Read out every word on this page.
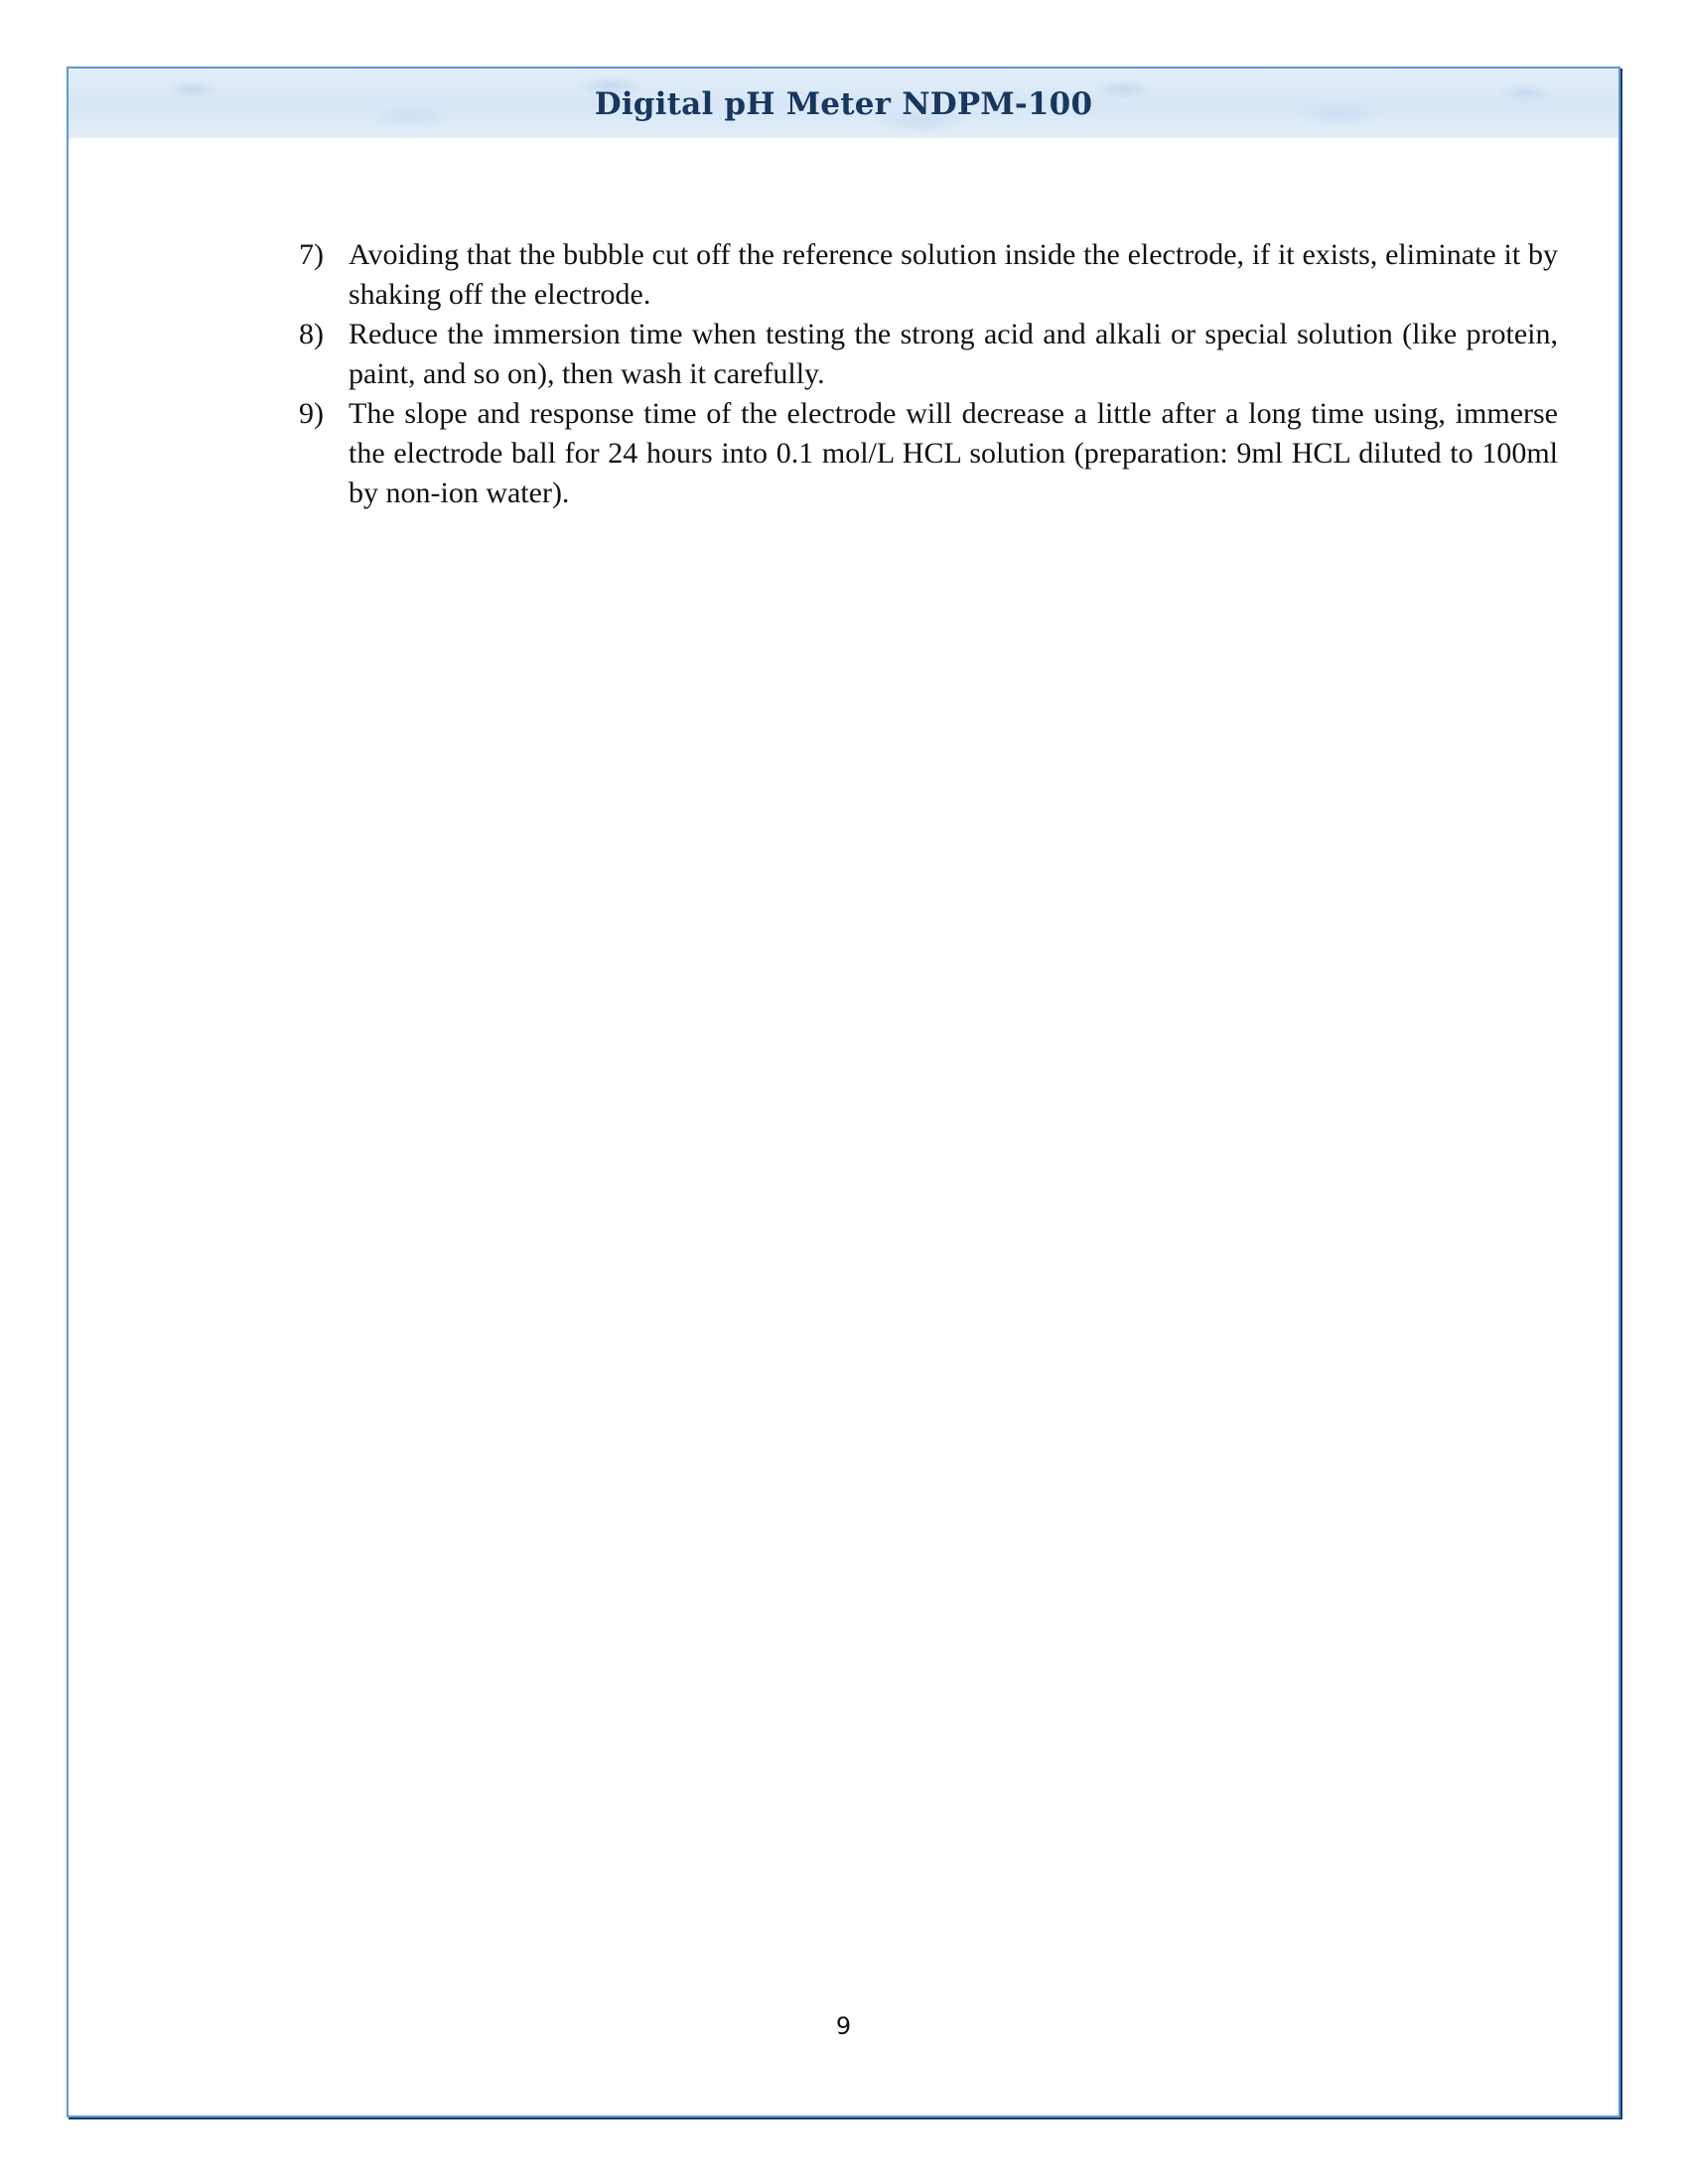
Digital pH Meter NDPM-100
7) Avoiding that the bubble cut off the reference solution inside the electrode, if it exists, eliminate it by shaking off the electrode.
8) Reduce the immersion time when testing the strong acid and alkali or special solution (like protein, paint, and so on), then wash it carefully.
9) The slope and response time of the electrode will decrease a little after a long time using, immerse the electrode ball for 24 hours into 0.1 mol/L HCL solution (preparation: 9ml HCL diluted to 100ml by non-ion water).
9
